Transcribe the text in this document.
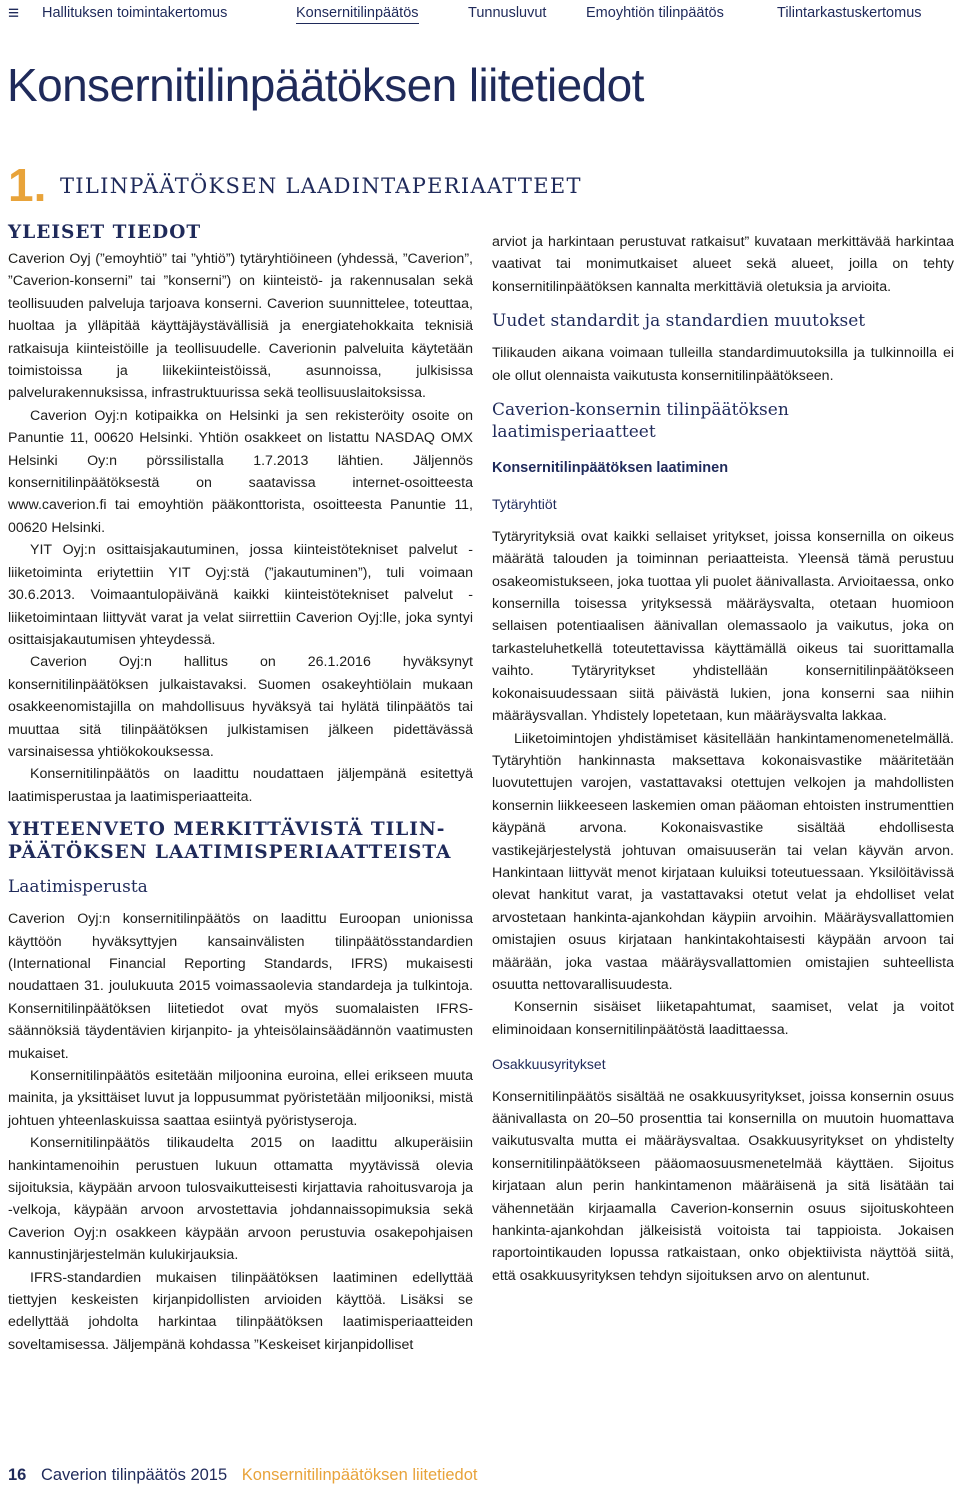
≡ Hallituksen toimintakertomus	Konsernitilinpäätös	Tunnusluvut	Emoyhtiön tilinpäätös	Tilintarkastuskertomus
Konsernitilinpäätöksen liitetiedot
1. TILINPÄÄTÖKSEN LAADINTAPERIAATTEET
YLEISET TIEDOT

Caverion Oyj (”emoyhtiö” tai ”yhtiö”) tytäryhtiöineen (yhdessä, ”Caverion”, ”Caverion-konserni” tai ”konserni”) on kiinteistö- ja rakennusalan sekä teollisuuden palveluja tarjoava konserni. Caverion suunnittelee, toteuttaa, huoltaa ja ylläpitää käyttäjäystävällisiä ja energiatehokkaita teknisiä ratkaisuja kiinteistöille ja teollisuudelle. Caverionin palveluita käytetään toimistoissa ja liikekiinteistöissä, asunnoissa, julkisissa palvelurakennuksissa, infrastruktuurissa sekä teollisuuslaitoksissa.

Caverion Oyj:n kotipaikka on Helsinki ja sen rekisteröity osoite on Panuntie 11, 00620 Helsinki. Yhtiön osakkeet on listattu NASDAQ OMX Helsinki Oy:n pörssilistalla 1.7.2013 lähtien. Jäljennös konsernitilinpäätöksestä on saatavissa internet-osoitteesta www.caverion.fi tai emoyhtiön pääkonttorista, osoitteesta Panuntie 11, 00620 Helsinki.

YIT Oyj:n osittaisjakautuminen, jossa kiinteistötekniset palvelut -liiketoiminta eriytettiin YIT Oyj:stä (”jakautuminen”), tuli voimaan 30.6.2013. Voimaantulopäivänä kaikki kiinteistötekniset palvelut -liiketoimintaan liittyvät varat ja velat siirrettiin Caverion Oyj:lle, joka syntyi osittaisjakautumisen yhteydessä.

Caverion Oyj:n hallitus on 26.1.2016 hyväksynyt konsernitilinpäätöksen julkaistavaksi. Suomen osakeyhtiölain mukaan osakkeenomistajilla on mahdollisuus hyväksyä tai hylätä tilinpäätös tai muuttaa sitä tilinpäätöksen julkistamisen jälkeen pidettävässä varsinaisessa yhtiökokouksessa.

Konsernitilinpäätös on laadittu noudattaen jäljempänä esitettyä laatimisperustaa ja laatimisperiaatteita.

YHTEENVETO MERKITTÄVISTÄ TILIN-PÄÄTÖKSEN LAATIMISPERIAATTEISTA
Laatimisperusta

Caverion Oyj:n konsernitilinpäätös on laadittu Euroopan unionissa käyttöön hyväksyttyjen kansainvälisten tilinpäätösstandardien (International Financial Reporting Standards, IFRS) mukaisesti noudattaen 31. joulukuuta 2015 voimassaolevia standardeja ja tulkintoja. Konsernitilinpäätöksen liitetiedot ovat myös suomalaisten IFRS-säännöksiä täydentävien kirjanpito- ja yhteisölainsäädännön vaatimusten mukaiset.

Konsernitilinpäätös esitetään miljoonina euroina, ellei erikseen muuta mainita, ja yksittäiset luvut ja loppusummat pyöristetään miljooniksi, mistä johtuen yhteenlaskuissa saattaa esiintyä pyöristyseroja.

Konsernitilinpäätös tilikaudelta 2015 on laadittu alkuperäisiin hankintamenoihin perustuen lukuun ottamatta myytävissä olevia sijoituksia, käypään arvoon tulosvaikutteisesti kirjattavia rahoitusvaroja ja -velkoja, käypään arvoon arvostettavia johdannaissopimuksia sekä Caverion Oyj:n osakkeen käypään arvoon perustuvia osakepohjaisen kannustinjärjestelmän kulukirjauksia.

IFRS-standardien mukaisen tilinpäätöksen laatiminen edellyttää tiettyjen keskeisten kirjanpidollisten arvioiden käyttöä. Lisäksi se edellyttää johdolta harkintaa tilinpäätöksen laatimisperiaatteiden soveltamisessa. Jäljempänä kohdassa ”Keskeiset kirjanpidolliset

arviot ja harkintaan perustuvat ratkaisut” kuvataan merkittävää harkintaa vaativat tai monimutkaiset alueet sekä alueet, joilla on tehty konsernitilinpäätöksen kannalta merkittäviä oletuksia ja arvioita.

Uudet standardit ja standardien muutokset

Tilikauden aikana voimaan tulleilla standardimuutoksilla ja tulkinnoilla ei ole ollut olennaista vaikutusta konsernitilinpäätökseen.

Caverion-konsernin tilinpäätöksen laatimisperiaatteet
Konsernitilinpäätöksen laatiminen
Tytäryhtiöt

Tytäryrityksiä ovat kaikki sellaiset yritykset, joissa konsernilla on oikeus määrätä talouden ja toiminnan periaatteista. Yleensä tämä perustuu osakeomistukseen, joka tuottaa yli puolet äänivallasta. Arvioitaessa, onko konsernilla toisessa yrityksessä määräysvalta, otetaan huomioon sellaisen potentiaalisen äänivallan olemassaolo ja vaikutus, joka on tarkasteluhetkellä toteutettavissa käyttämällä oikeus tai suorittamalla vaihto. Tytäryritykset yhdistellään konsernitilinpäätökseen kokonaisuudessaan siitä päivästä lukien, jona konserni saa niihin määräysvallan. Yhdistely lopetetaan, kun määräysvalta lakkaa.

Liiketoimintojen yhdistämiset käsitellään hankintamenomenetelmällä. Tytäryhtiön hankinnasta maksettava kokonaisvastike määritetään luovutettujen varojen, vastattavaksi otettujen velkojen ja mahdollisten konsernin liikkeeseen laskemien oman pääoman ehtoisten instrumenttien käypänä arvona. Kokonaisvastike sisältää ehdollisesta vastikejärjestelystä johtuvan omaisuuserän tai velan käyvän arvon. Hankintaan liittyvät menot kirjataan kuluiksi toteutuessaan. Yksilöitävissä olevat hankitut varat, ja vastattavaksi otetut velat ja ehdolliset velat arvostetaan hankinta-ajankohdan käypiin arvoihin. Määräysvallattomien omistajien osuus kirjataan hankintakohtaisesti käypään arvoon tai määrään, joka vastaa määräysvallattomien omistajien suhteellista osuutta nettovarallisuudesta.

Konsernin sisäiset liiketapahtumat, saamiset, velat ja voitot eliminoidaan konsernitilinpäätöstä laadittaessa.

Osakkuusyritykset

Konsernitilinpäätös sisältää ne osakkuusyritykset, joissa konsernin osuus äänivallasta on 20–50 prosenttia tai konsernilla on muutoin huomattava vaikutusvalta mutta ei määräysvaltaa. Osakkuusyritykset on yhdistelty konsernitilinpäätökseen pääomaosuusmenetelmää käyttäen. Sijoitus kirjataan alun perin hankintamenon määräisenä ja sitä lisätään tai vähennetään kirjaamalla Caverion-konsernin osuus sijoituskohteen hankinta-ajankohdan jälkeisistä voitoista tai tappioista. Jokaisen raportointikauden lopussa ratkaistaan, onko objektiivista näyttöä siitä, että osakkuusyrityksen tehdyn sijoituksen arvo on alentunut.

16 Caverion tilinpäätös 2015 Konsernitilinpäätöksen liitetiedot
